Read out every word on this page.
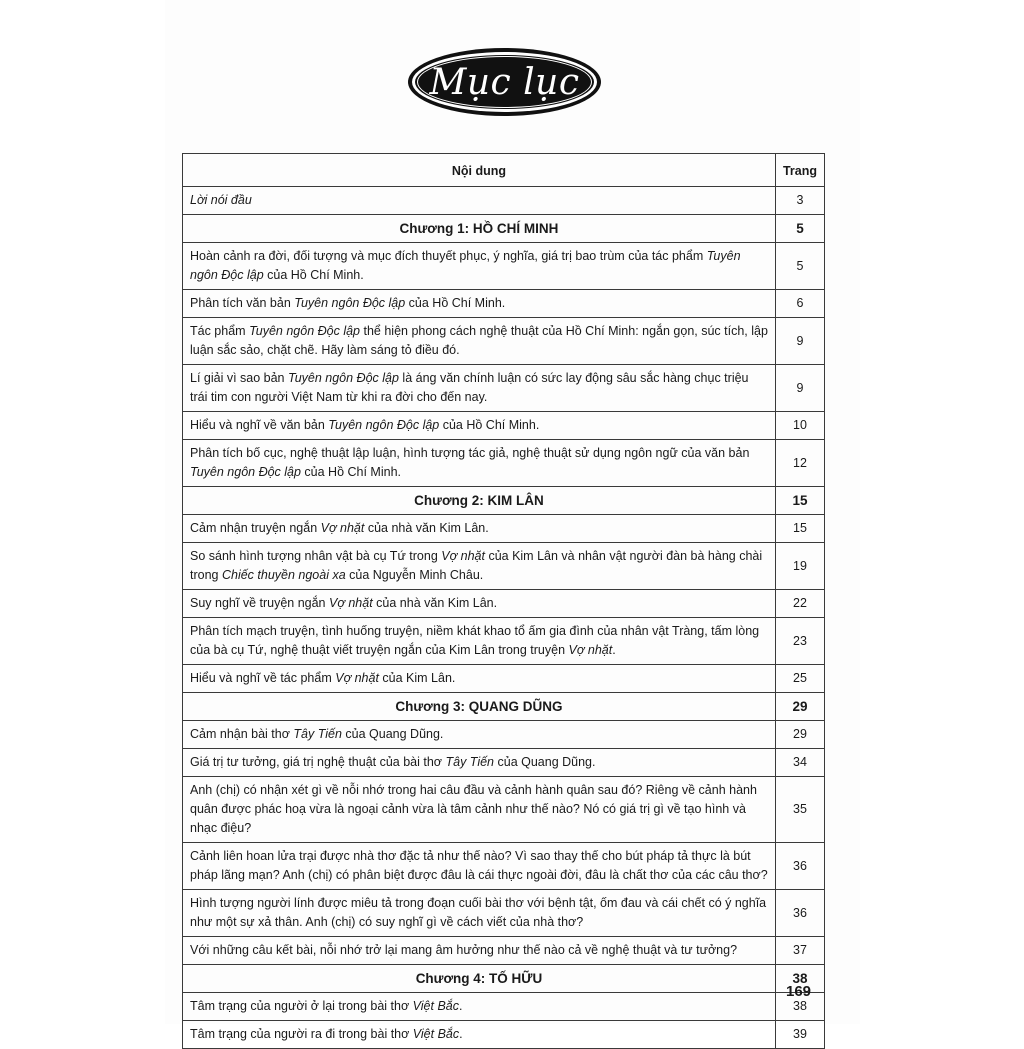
Mục lục
Nội dung	Trang
Lời nói đầu	3
Chương 1: HỒ CHÍ MINH	5
Hoàn cảnh ra đời, đối tượng và mục đích thuyết phục, ý nghĩa, giá trị bao trùm của tác phẩm Tuyên ngôn Độc lập của Hồ Chí Minh.	5
Phân tích văn bản Tuyên ngôn Độc lập của Hồ Chí Minh.	6
Tác phẩm Tuyên ngôn Độc lập thể hiện phong cách nghệ thuật của Hồ Chí Minh: ngắn gọn, súc tích, lập luận sắc sảo, chặt chẽ. Hãy làm sáng tỏ điều đó.	9
Lí giải vì sao bản Tuyên ngôn Độc lập là áng văn chính luận có sức lay động sâu sắc hàng chục triệu trái tim con người Việt Nam từ khi ra đời cho đến nay.	9
Hiểu và nghĩ về văn bản Tuyên ngôn Độc lập của Hồ Chí Minh.	10
Phân tích bố cục, nghệ thuật lập luận, hình tượng tác giả, nghệ thuật sử dụng ngôn ngữ của văn bản Tuyên ngôn Độc lập của Hồ Chí Minh.	12
Chương 2: KIM LÂN	15
Cảm nhận truyện ngắn Vợ nhặt của nhà văn Kim Lân.	15
So sánh hình tượng nhân vật bà cụ Tứ trong Vợ nhặt của Kim Lân và nhân vật người đàn bà hàng chài trong Chiếc thuyền ngoài xa của Nguyễn Minh Châu.	19
Suy nghĩ về truyện ngắn Vợ nhặt của nhà văn Kim Lân.	22
Phân tích mạch truyện, tình huống truyện, niềm khát khao tổ ấm gia đình của nhân vật Tràng, tấm lòng của bà cụ Tứ, nghệ thuật viết truyện ngắn của Kim Lân trong truyện Vợ nhặt.	23
Hiểu và nghĩ về tác phẩm Vợ nhặt của Kim Lân.	25
Chương 3: QUANG DŨNG	29
Cảm nhận bài thơ Tây Tiến của Quang Dũng.	29
Giá trị tư tưởng, giá trị nghệ thuật của bài thơ Tây Tiến của Quang Dũng.	34
Anh (chị) có nhận xét gì về nỗi nhớ trong hai câu đầu và cảnh hành quân sau đó? Riêng về cảnh hành quân được phác hoạ vừa là ngoại cảnh vừa là tâm cảnh như thế nào? Nó có giá trị gì về tạo hình và nhạc điệu?	35
Cảnh liên hoan lửa trại được nhà thơ đặc tả như thế nào? Vì sao thay thế cho bút pháp tả thực là bút pháp lãng mạn? Anh (chị) có phân biệt được đâu là cái thực ngoài đời, đâu là chất thơ của các câu thơ?	36
Hình tượng người lính được miêu tả trong đoạn cuối bài thơ với bệnh tật, ốm đau và cái chết có ý nghĩa như một sự xả thân. Anh (chị) có suy nghĩ gì về cách viết của nhà thơ?	36
Với những câu kết bài, nỗi nhớ trở lại mang âm hưởng như thế nào cả về nghệ thuật và tư tưởng?	37
Chương 4: TỐ HỮU	38
Tâm trạng của người ở lại trong bài thơ Việt Bắc.	38
Tâm trạng của người ra đi trong bài thơ Việt Bắc.	39
169
